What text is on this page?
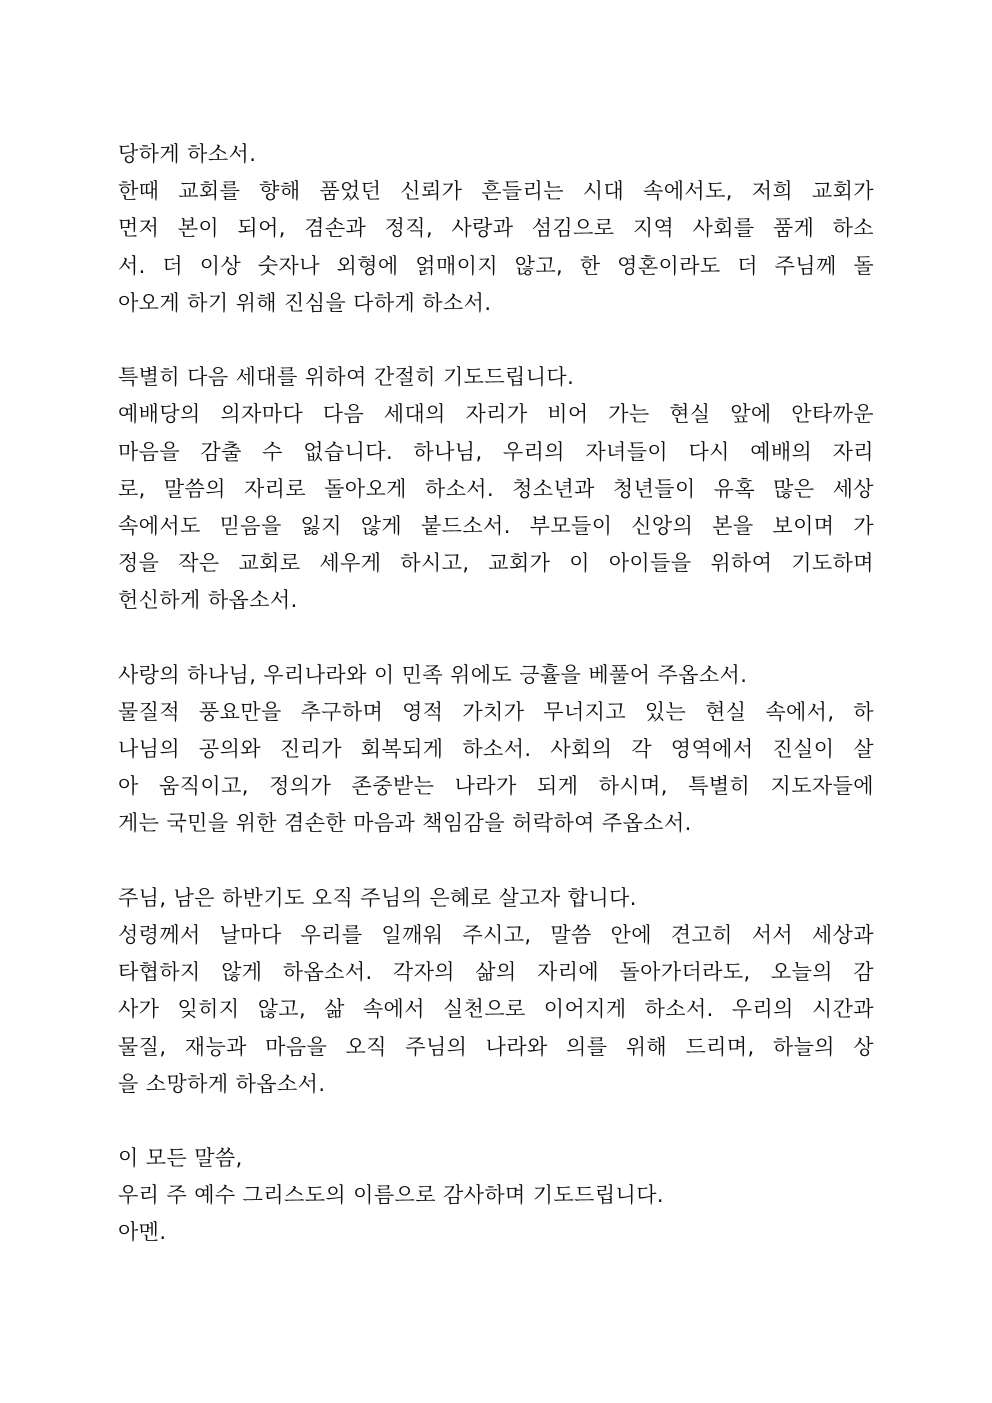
당하게 하소서.
한때 교회를 향해 품었던 신뢰가 흔들리는 시대 속에서도, 저희 교회가
먼저 본이 되어, 겸손과 정직, 사랑과 섬김으로 지역 사회를 품게 하소
서. 더 이상 숫자나 외형에 얽매이지 않고, 한 영혼이라도 더 주님께 돌
아오게 하기 위해 진심을 다하게 하소서.
특별히 다음 세대를 위하여 간절히 기도드립니다.
예배당의 의자마다 다음 세대의 자리가 비어 가는 현실 앞에 안타까운
마음을 감출 수 없습니다. 하나님, 우리의 자녀들이 다시 예배의 자리
로, 말씀의 자리로 돌아오게 하소서. 청소년과 청년들이 유혹 많은 세상
속에서도 믿음을 잃지 않게 붙드소서. 부모들이 신앙의 본을 보이며 가
정을 작은 교회로 세우게 하시고, 교회가 이 아이들을 위하여 기도하며
헌신하게 하옵소서.
사랑의 하나님, 우리나라와 이 민족 위에도 긍휼을 베풀어 주옵소서.
물질적 풍요만을 추구하며 영적 가치가 무너지고 있는 현실 속에서, 하
나님의 공의와 진리가 회복되게 하소서. 사회의 각 영역에서 진실이 살
아 움직이고, 정의가 존중받는 나라가 되게 하시며, 특별히 지도자들에
게는 국민을 위한 겸손한 마음과 책임감을 허락하여 주옵소서.
주님, 남은 하반기도 오직 주님의 은혜로 살고자 합니다.
성령께서 날마다 우리를 일깨워 주시고, 말씀 안에 견고히 서서 세상과
타협하지 않게 하옵소서. 각자의 삶의 자리에 돌아가더라도, 오늘의 감
사가 잊히지 않고, 삶 속에서 실천으로 이어지게 하소서. 우리의 시간과
물질, 재능과 마음을 오직 주님의 나라와 의를 위해 드리며, 하늘의 상
을 소망하게 하옵소서.
이 모든 말씀,
우리 주 예수 그리스도의 이름으로 감사하며 기도드립니다.
아멘.
